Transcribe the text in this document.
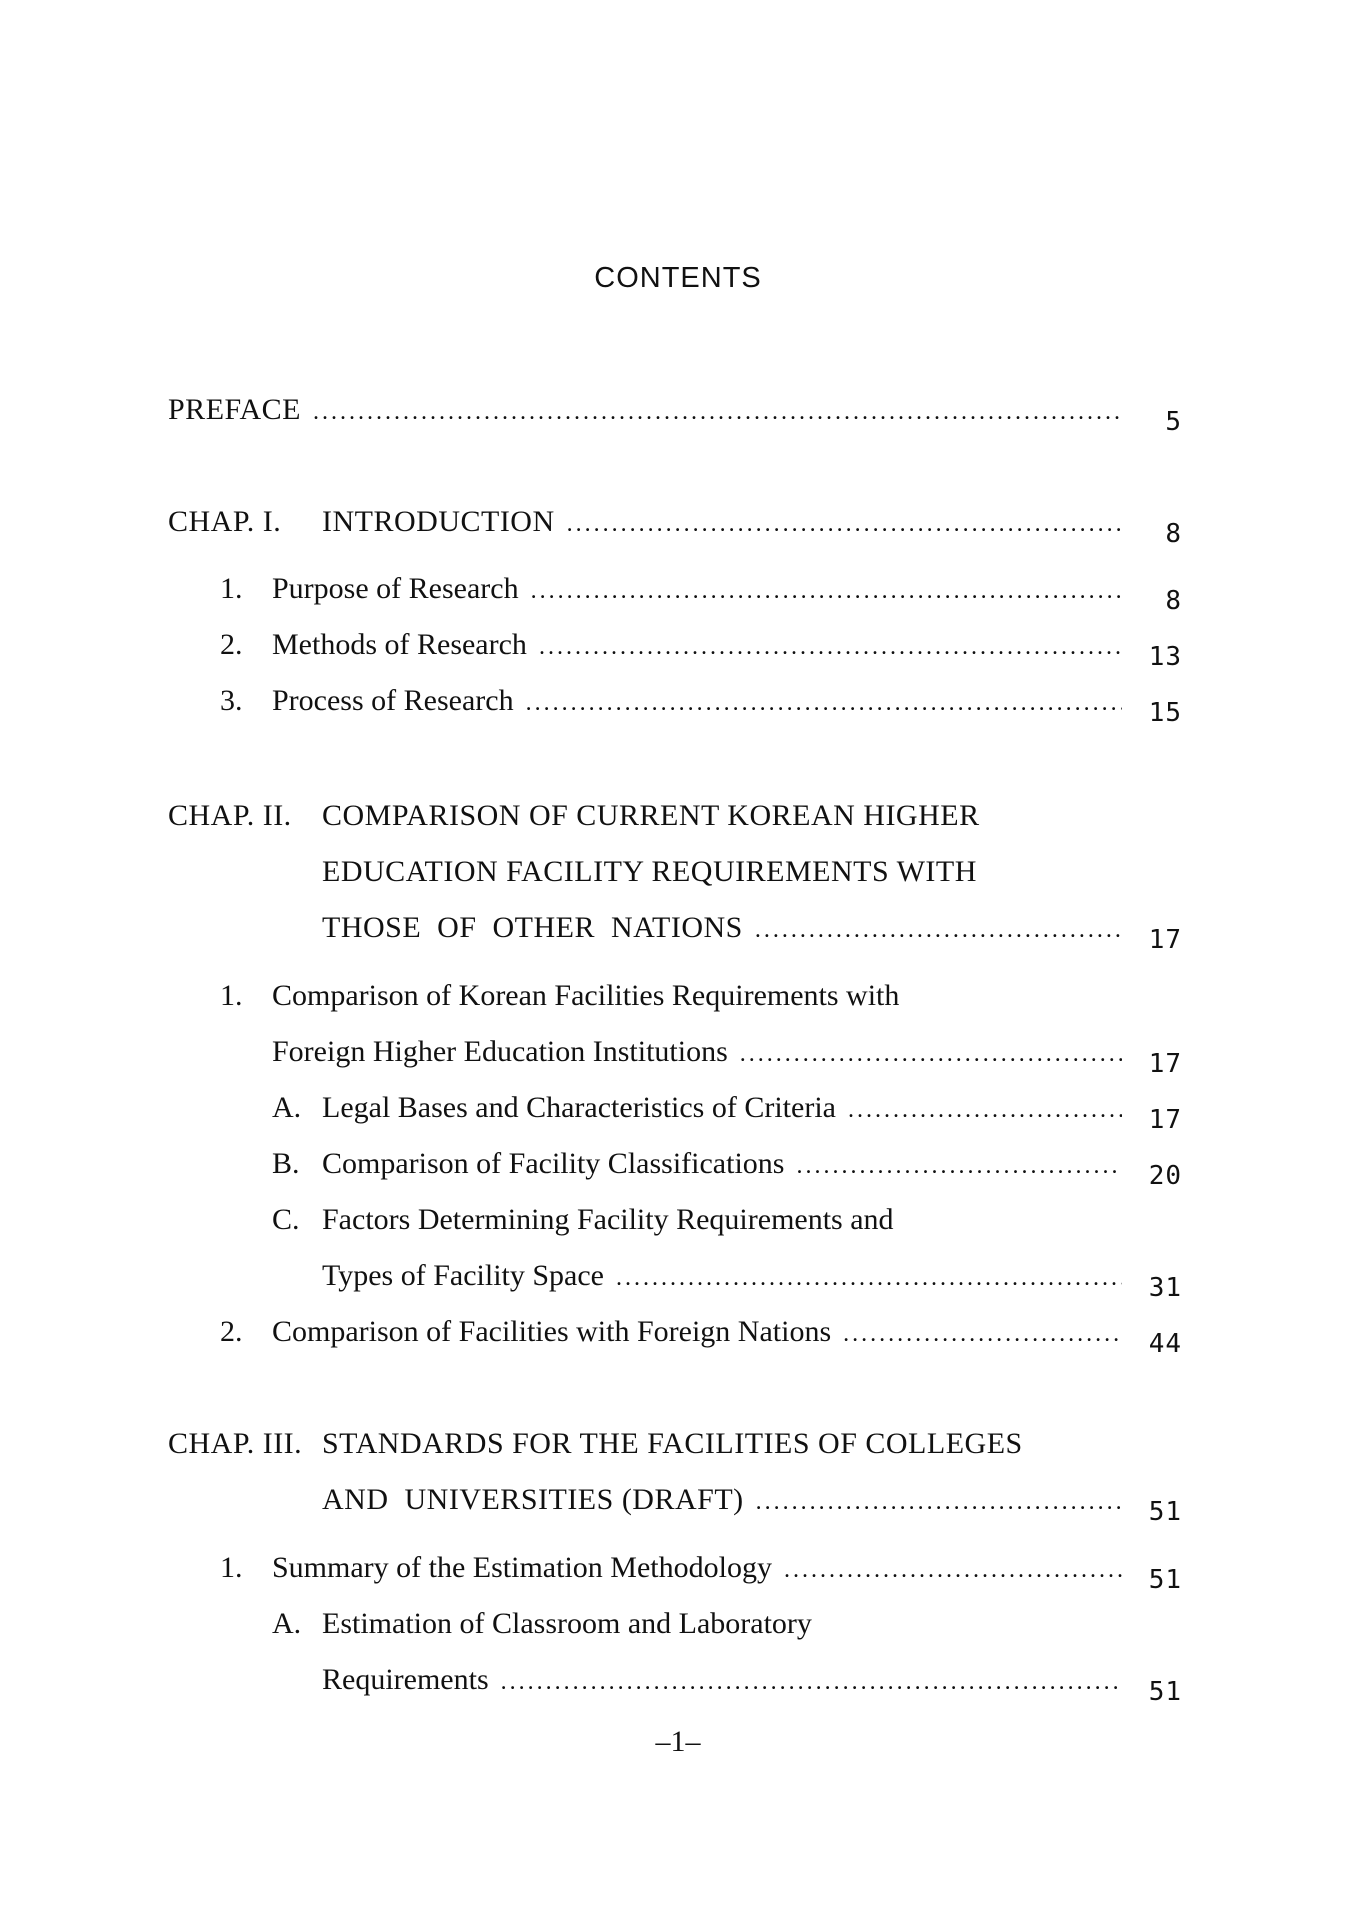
CONTENTS
PREFACE . . .	5
CHAP. I. INTRODUCTION . . .	8
1. Purpose of Research . . .	8
2. Methods of Research . . .	13
3. Process of Research . . .	15
CHAP. II. COMPARISON OF CURRENT KOREAN HIGHER
EDUCATION FACILITY REQUIREMENTS WITH
THOSE  OF  OTHER  NATIONS . . .	17
1. Comparison of Korean Facilities Requirements with
Foreign Higher Education Institutions . . .	17
A. Legal Bases and Characteristics of Criteria . . .	17
B. Comparison of Facility Classifications . . .	20
C. Factors Determining Facility Requirements and
Types of Facility Space . . .	31
2. Comparison of Facilities with Foreign Nations . . .	44
CHAP. III. STANDARDS FOR THE FACILITIES OF COLLEGES
AND  UNIVERSITIES (DRAFT) . . .	51
1. Summary of the Estimation Methodology . . .	51
A. Estimation of Classroom and Laboratory
Requirements . . .	51
–1–
